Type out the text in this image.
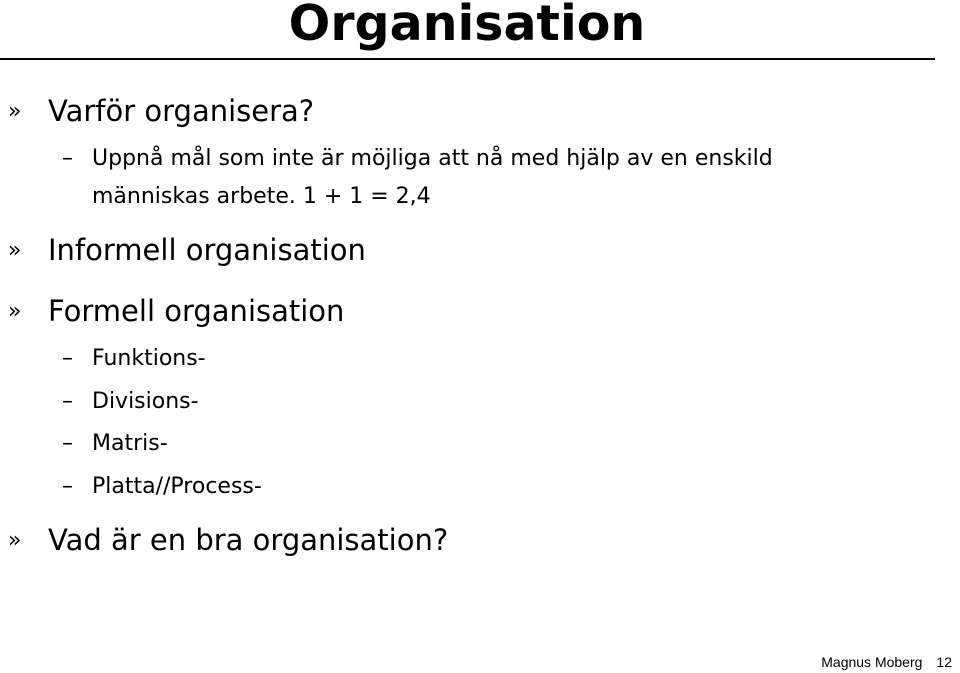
Organisation
» Varför organisera?
– Uppnå mål som inte är möjliga att nå med hjälp av en enskild
människas arbete. 1 + 1 = 2,4
» Informell organisation
» Formell organisation
– Funktions-
– Divisions-
– Matris-
– Platta//Process-
» Vad är en bra organisation?
Magnus Moberg 12
